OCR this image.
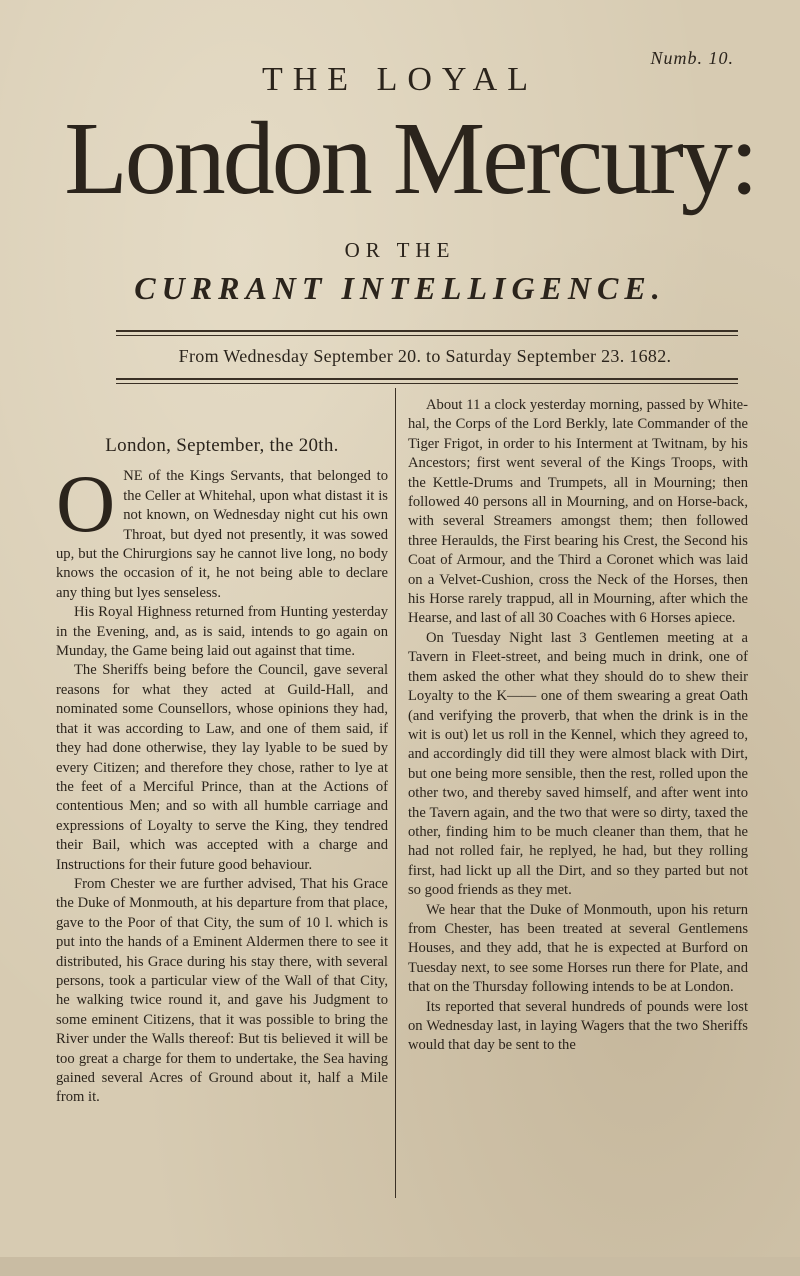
Numb. 10.
THE LOYAL
London Mercury:
OR THE
CURRANT INTELLIGENCE.
From Wednesday September 20. to Saturday September 23. 1682.
London, September, the 20th.

ONE of the Kings Servants, that belonged to the Celler at Whitehal, upon what distast it is not known, on Wednesday night cut his own Throat, but dyed not presently, it was sowed up, but the Chirurgions say he cannot live long, no body knows the occasion of it, he not being able to declare any thing but lyes senseless.

His Royal Highness returned from Hunting yesterday in the Evening, and, as is said, intends to go again on Munday, the Game being laid out against that time.

The Sheriffs being before the Council, gave several reasons for what they acted at Guild-Hall, and nominated some Counsellors, whose opinions they had, that it was according to Law, and one of them said, if they had done otherwise, they lay lyable to be sued by every Citizen; and therefore they chose, rather to lye at the feet of a Merciful Prince, than at the Actions of contentious Men; and so with all humble carriage and expressions of Loyalty to serve the King, they tendred their Bail, which was accepted with a charge and Instructions for their future good behaviour.

From Chester we are further advised, That his Grace the Duke of Monmouth, at his departure from that place, gave to the Poor of that City, the sum of 10 l. which is put into the hands of a Eminent Aldermen there to see it distributed, his Grace during his stay there, with several persons, took a particular view of the Wall of that City, he walking twice round it, and gave his Judgment to some eminent Citizens, that it was possible to bring the River under the Walls thereof: But tis believed it will be too great a charge for them to undertake, the Sea having gained several Acres of Ground about it, half a Mile from it.

About 11 a clock yesterday morning, passed by White-hal, the Corps of the Lord Berkly, late Commander of the Tiger Frigot, in order to his Interment at Twitnam, by his Ancestors; first went several of the Kings Troops, with the Kettle-Drums and Trumpets, all in Mourning; then followed 40 persons all in Mourning, and on Horse-back, with several Streamers amongst them; then followed three Heraulds, the First bearing his Crest, the Second his Coat of Armour, and the Third a Coronet which was laid on a Velvet-Cushion, cross the Neck of the Horses, then his Horse rarely trappud, all in Mourning, after which the Hearse, and last of all 30 Coaches with 6 Horses apiece.

On Tuesday Night last 3 Gentlemen meeting at a Tavern in Fleet-street, and being much in drink, one of them asked the other what they should do to shew their Loyalty to the K—— one of them swearing a great Oath (and verifying the proverb, that when the drink is in the wit is out) let us roll in the Kennel, which they agreed to, and accordingly did till they were almost black with Dirt, but one being more sensible, then the rest, rolled upon the other two, and thereby saved himself, and after went into the Tavern again, and the two that were so dirty, taxed the other, finding him to be much cleaner than them, that he had not rolled fair, he replyed, he had, but they rolling first, had lickt up all the Dirt, and so they parted but not so good friends as they met.

We hear that the Duke of Monmouth, upon his return from Chester, has been treated at several Gentlemens Houses, and they add, that he is expected at Burford on Tuesday next, to see some Horses run there for Plate, and that on the Thursday following intends to be at London.

Its reported that several hundreds of pounds were lost on Wednesday last, in laying Wagers that the two Sheriffs would that day be sent to the
